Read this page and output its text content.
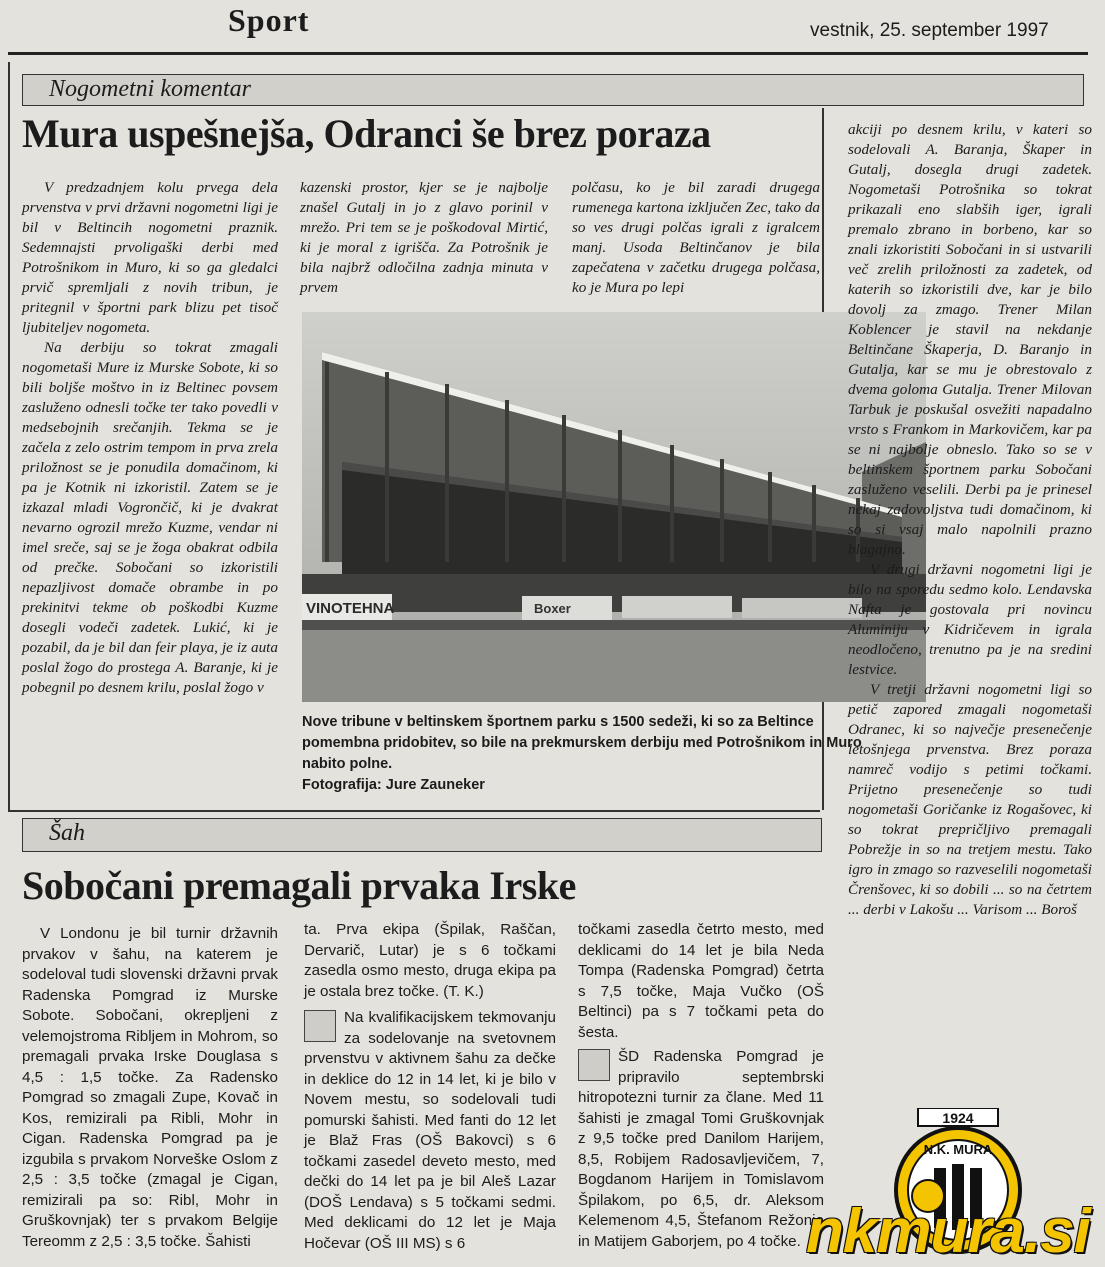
Sport	vestnik, 25. september 1997
Nogometni komentar
Mura uspešnejša, Odranci še brez poraza

V predzadnjem kolu prvega dela prvenstva v prvi državni nogometni ligi je bil v Beltincih nogometni praznik. Sedemnajsti prvoligaški derbi med Potrošnikom in Muro, ki so ga gledalci prvič spremljali z novih tribun, je pritegnil v športni park blizu pet tisoč ljubiteljev nogometa.

Na derbiju so tokrat zmagali nogometaši Mure iz Murske Sobote, ki so bili boljše moštvo in iz Beltinec povsem zasluženo odnesli točke ter tako povedli v medsebojnih srečanjih. Tekma se je začela z zelo ostrim tempom in prva zrela priložnost se je ponudila domačinom, ki pa je Kotnik ni izkoristil. Zatem se je izkazal mladi Vogrončič, ki je dvakrat nevarno ogrozil mrežo Kuzme, vendar ni imel sreče, saj se je žoga obakrat odbila od prečke. Sobočani so izkoristili nepazljivost domače obrambe in po prekinitvi tekme ob poškodbi Kuzme dosegli vodeči zadetek. Lukić, ki je pozabil, da je bil dan feir playa, je iz auta poslal žogo do prostega A. Baranje, ki je pobegnil po desnem krilu, poslal žogo v

kazenski prostor, kjer se je najbolje znašel Gutalj in jo z glavo porinil v mrežo. Pri tem se je poškodoval Mirtić, ki je moral z igrišča. Za Potrošnik je bila najbrž odločilna zadnja minuta v prvem

polčasu, ko je bil zaradi drugega rumenega kartona izključen Zec, tako da so ves drugi polčas igrali z igralcem manj. Usoda Beltinčanov je bila zapečatena v začetku drugega polčasa, ko je Mura po lepi

VINOTEHNA	Boxer
Nove tribune v beltinskem športnem parku s 1500 sedeži, ki so za Beltince pomembna pridobitev, so bile na prekmurskem derbiju med Potrošnikom in Muro nabito polne.
Fotografija: Jure Zauneker

akciji po desnem krilu, v kateri so sodelovali A. Baranja, Škaper in Gutalj, dosegla drugi zadetek. Nogometaši Potrošnika so tokrat prikazali eno slabših iger, igrali premalo zbrano in borbeno, kar so znali izkoristiti Sobočani in si ustvarili več zrelih priložnosti za zadetek, od katerih so izkoristili dve, kar je bilo dovolj za zmago. Trener Milan Koblencer je stavil na nekdanje Beltinčane Škaperja, D. Baranjo in Gutalja, kar se mu je obrestovalo z dvema goloma Gutalja. Trener Milovan Tarbuk je poskušal osvežiti napadalno vrsto s Frankom in Markovičem, kar pa se ni najbolje obneslo. Tako so se v beltinskem športnem parku Sobočani zasluženo veselili. Derbi pa je prinesel nekaj zadovoljstva tudi domačinom, ki so si vsaj malo napolnili prazno blagajno.

V drugi državni nogometni ligi je bilo na sporedu sedmo kolo. Lendavska Nafta je gostovala pri novincu Aluminiju v Kidričevem in igrala neodločeno, trenutno pa je na sredini lestvice.

V tretji državni nogometni ligi so petič zapored zmagali nogometaši Odranec, ki so največje presenečenje letošnjega prvenstva. Brez poraza namreč vodijo s petimi točkami. Prijetno presenečenje so tudi nogometaši Goričanke iz Rogašovec, ki so tokrat prepričljivo premagali Pobrežje in so na tretjem mestu. Tako igro in zmago so razveselili nogometaši Črenšovec, ki so dobili ... so na četrtem ... derbi v Lakošu ... Varisom ... Boroš

Šah
Sobočani premagali prvaka Irske

V Londonu je bil turnir državnih prvakov v šahu, na katerem je sodeloval tudi slovenski državni prvak Radenska Pomgrad iz Murske Sobote. Sobočani, okrepljeni z velemojstroma Ribljem in Mohrom, so premagali prvaka Irske Douglasa s 4,5 : 1,5 točke. Za Radensko Pomgrad so zmagali Zupe, Kovač in Kos, remizirali pa Ribli, Mohr in Cigan. Radenska Pomgrad pa je izgubila s prvakom Norveške Oslom z 2,5 : 3,5 točke (zmagal je Cigan, remizirali pa so: Ribl, Mohr in Gruškovnjak) ter s prvakom Belgije Tereomm z 2,5 : 3,5 točke. Šahisti

ta. Prva ekipa (Špilak, Raščan, Dervarič, Lutar) je s 6 točkami zasedla osmo mesto, druga ekipa pa je ostala brez točke. (T. K.)

Na kvalifikacijskem tekmovanju za sodelovanje na svetovnem prvenstvu v aktivnem šahu za dečke in deklice do 12 in 14 let, ki je bilo v Novem mestu, so sodelovali tudi pomurski šahisti. Med fanti do 12 let je Blaž Fras (OŠ Bakovci) s 6 točkami zasedel deveto mesto, med dečki do 14 let pa je bil Aleš Lazar (DOŠ Lendava) s 5 točkami sedmi. Med deklicami do 12 let je Maja Hočevar (OŠ III MS) s 6

točkami zasedla četrto mesto, med deklicami do 14 let je bila Neda Tompa (Radenska Pomgrad) četrta s 7,5 točke, Maja Vučko (OŠ Beltinci) pa s 7 točkami peta do šesta.

ŠD Radenska Pomgrad je pripravilo septembrski hitropotezni turnir za člane. Med 11 šahisti je zmagal Tomi Gruškovnjak z 9,5 točke pred Danilom Harijem, 8,5, Robijem Radosavljevičem, 7, Bogdanom Harijem in Tomislavom Špilakom, po 6,5, dr. Aleksom Kelemenom 4,5, Štefanom Režonjo in Matijem Gaborjem, po 4 točke.

1924
N.K. MURA
nkmura.si
